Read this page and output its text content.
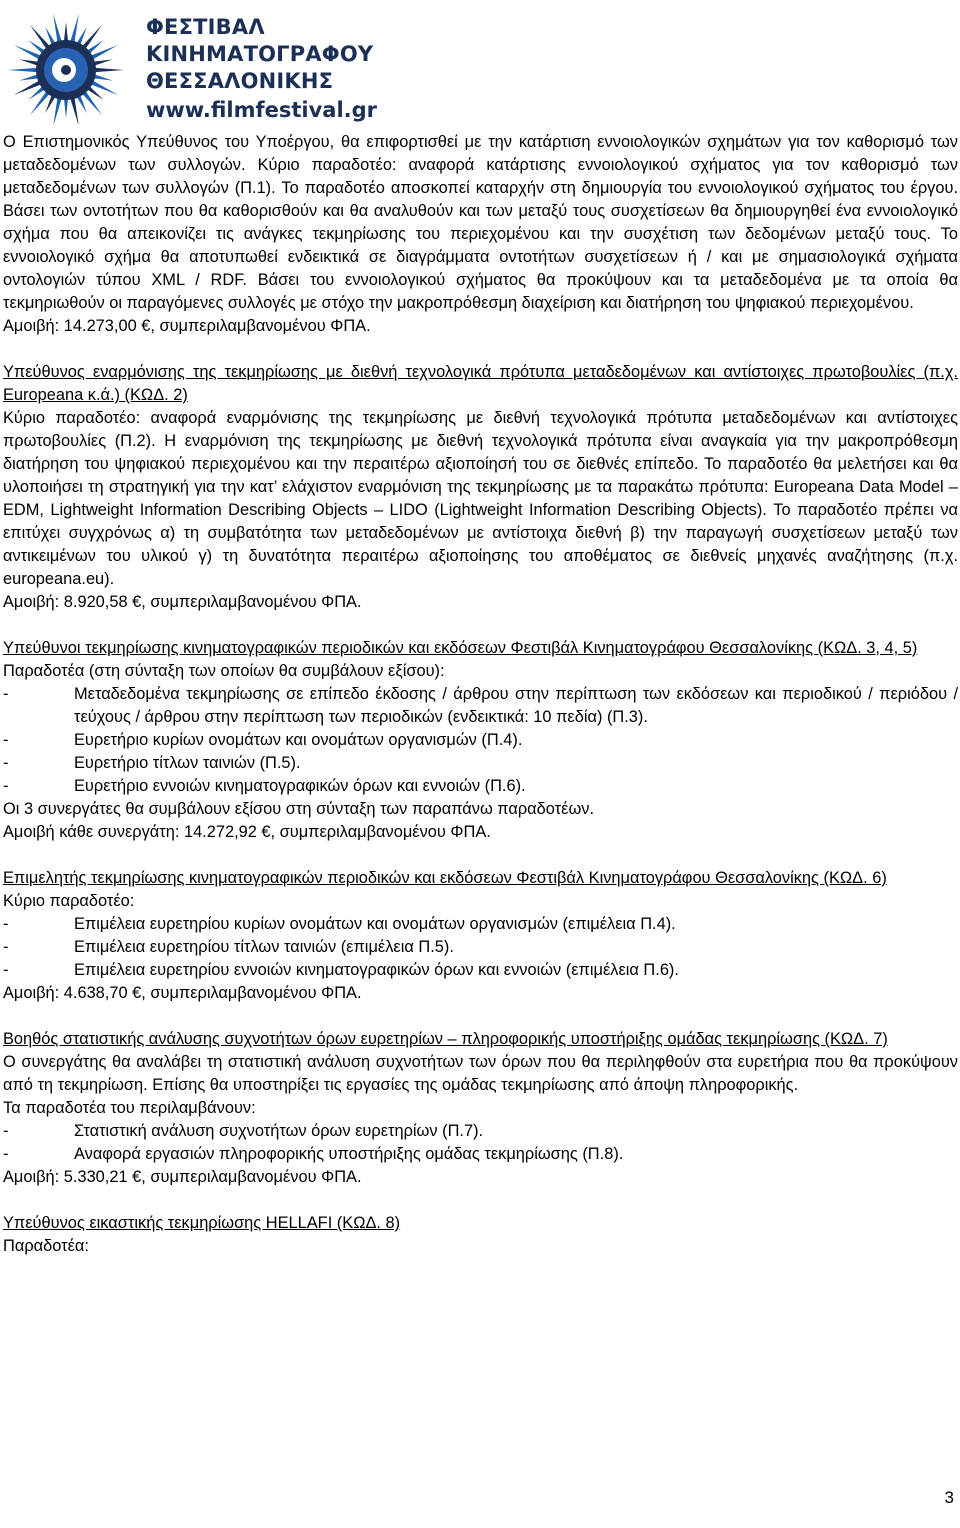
ΦΕΣΤΙΒΑΛ
ΚΙΝΗΜΑΤΟΓΡΑΦΟΥ
ΘΕΣΣΑΛΟΝΙΚΗΣ
www.filmfestival.gr

Ο Επιστημονικός Υπεύθυνος του Υποέργου, θα επιφορτισθεί με την κατάρτιση εννοιολογικών σχημάτων για τον καθορισμό των μεταδεδομένων των συλλογών. Κύριο παραδοτέο: αναφορά κατάρτισης εννοιολογικού σχήματος για τον καθορισμό των μεταδεδομένων των συλλογών (Π.1). Το παραδοτέο αποσκοπεί καταρχήν στη δημιουργία του εννοιολογικού σχήματος του έργου. Βάσει των οντοτήτων που θα καθορισθούν και θα αναλυθούν και των μεταξύ τους συσχετίσεων θα δημιουργηθεί ένα εννοιολογικό σχήμα που θα απεικονίζει τις ανάγκες τεκμηρίωσης του περιεχομένου και την συσχέτιση των δεδομένων μεταξύ τους. Το εννοιολογικό σχήμα θα αποτυπωθεί ενδεικτικά σε διαγράμματα οντοτήτων συσχετίσεων ή / και με σημασιολογικά σχήματα οντολογιών τύπου XML / RDF. Βάσει του εννοιολογικού σχήματος θα προκύψουν και τα μεταδεδομένα με τα οποία θα τεκμηριωθούν οι παραγόμενες συλλογές με στόχο την μακροπρόθεσμη διαχείριση και διατήρηση του ψηφιακού περιεχομένου.

Αμοιβή: 14.273,00 €, συμπεριλαμβανομένου ΦΠΑ.

Υπεύθυνος εναρμόνισης της τεκμηρίωσης με διεθνή τεχνολογικά πρότυπα μεταδεδομένων και αντίστοιχες πρωτοβουλίες (π.χ. Europeana κ.ά.) (ΚΩΔ. 2)

Κύριο παραδοτέο: αναφορά εναρμόνισης της τεκμηρίωσης με διεθνή τεχνολογικά πρότυπα μεταδεδομένων και αντίστοιχες πρωτοβουλίες (Π.2). Η εναρμόνιση της τεκμηρίωσης με διεθνή τεχνολογικά πρότυπα είναι αναγκαία για την μακροπρόθεσμη διατήρηση του ψηφιακού περιεχομένου και την περαιτέρω αξιοποίησή του σε διεθνές επίπεδο. Το παραδοτέο θα μελετήσει και θα υλοποιήσει τη στρατηγική για την κατ’ ελάχιστον εναρμόνιση της τεκμηρίωσης με τα παρακάτω πρότυπα: Europeana Data Model – EDM, Lightweight Information Describing Objects – LIDO (Lightweight Information Describing Objects). Το παραδοτέο πρέπει να επιτύχει συγχρόνως α) τη συμβατότητα των μεταδεδομένων με αντίστοιχα διεθνή β) την παραγωγή συσχετίσεων μεταξύ των αντικειμένων του υλικού γ) τη δυνατότητα περαιτέρω αξιοποίησης του αποθέματος σε διεθνείς μηχανές αναζήτησης (π.χ. europeana.eu).

Αμοιβή: 8.920,58 €, συμπεριλαμβανομένου ΦΠΑ.

Υπεύθυνοι τεκμηρίωσης κινηματογραφικών περιοδικών και εκδόσεων Φεστιβάλ Κινηματογράφου Θεσσαλονίκης (ΚΩΔ. 3, 4, 5)

Παραδοτέα (στη σύνταξη των οποίων θα συμβάλουν εξίσου):

-	Μεταδεδομένα τεκμηρίωσης σε επίπεδο έκδοσης / άρθρου στην περίπτωση των εκδόσεων και περιοδικού / περιόδου / τεύχους / άρθρου στην περίπτωση των περιοδικών (ενδεικτικά: 10 πεδία) (Π.3).
-	Ευρετήριο κυρίων ονομάτων και ονομάτων οργανισμών (Π.4).
-	Ευρετήριο τίτλων ταινιών (Π.5).
-	Ευρετήριο εννοιών κινηματογραφικών όρων και εννοιών (Π.6).

Οι 3 συνεργάτες θα συμβάλουν εξίσου στη σύνταξη των παραπάνω παραδοτέων.

Αμοιβή κάθε συνεργάτη: 14.272,92 €, συμπεριλαμβανομένου ΦΠΑ.

Επιμελητής τεκμηρίωσης κινηματογραφικών περιοδικών και εκδόσεων Φεστιβάλ Κινηματογράφου Θεσσαλονίκης (ΚΩΔ. 6)

Κύριο παραδοτέο:

-	Επιμέλεια ευρετηρίου κυρίων ονομάτων και ονομάτων οργανισμών (επιμέλεια Π.4).
-	Επιμέλεια ευρετηρίου τίτλων ταινιών (επιμέλεια Π.5).
-	Επιμέλεια ευρετηρίου εννοιών κινηματογραφικών όρων και εννοιών (επιμέλεια Π.6).

Αμοιβή: 4.638,70 €, συμπεριλαμβανομένου ΦΠΑ.

Βοηθός στατιστικής ανάλυσης συχνοτήτων όρων ευρετηρίων – πληροφορικής υποστήριξης ομάδας τεκμηρίωσης (ΚΩΔ. 7)

Ο συνεργάτης θα αναλάβει τη στατιστική ανάλυση συχνοτήτων των όρων που θα περιληφθούν στα ευρετήρια που θα προκύψουν από τη τεκμηρίωση. Επίσης θα υποστηρίξει τις εργασίες της ομάδας τεκμηρίωσης από άποψη πληροφορικής.

Τα παραδοτέα του περιλαμβάνουν:

-	Στατιστική ανάλυση συχνοτήτων όρων ευρετηρίων (Π.7).
-	Αναφορά εργασιών πληροφορικής υποστήριξης ομάδας τεκμηρίωσης (Π.8).

Αμοιβή: 5.330,21 €, συμπεριλαμβανομένου ΦΠΑ.

Υπεύθυνος εικαστικής τεκμηρίωσης HELLAFI (ΚΩΔ. 8)

Παραδοτέα:

3
